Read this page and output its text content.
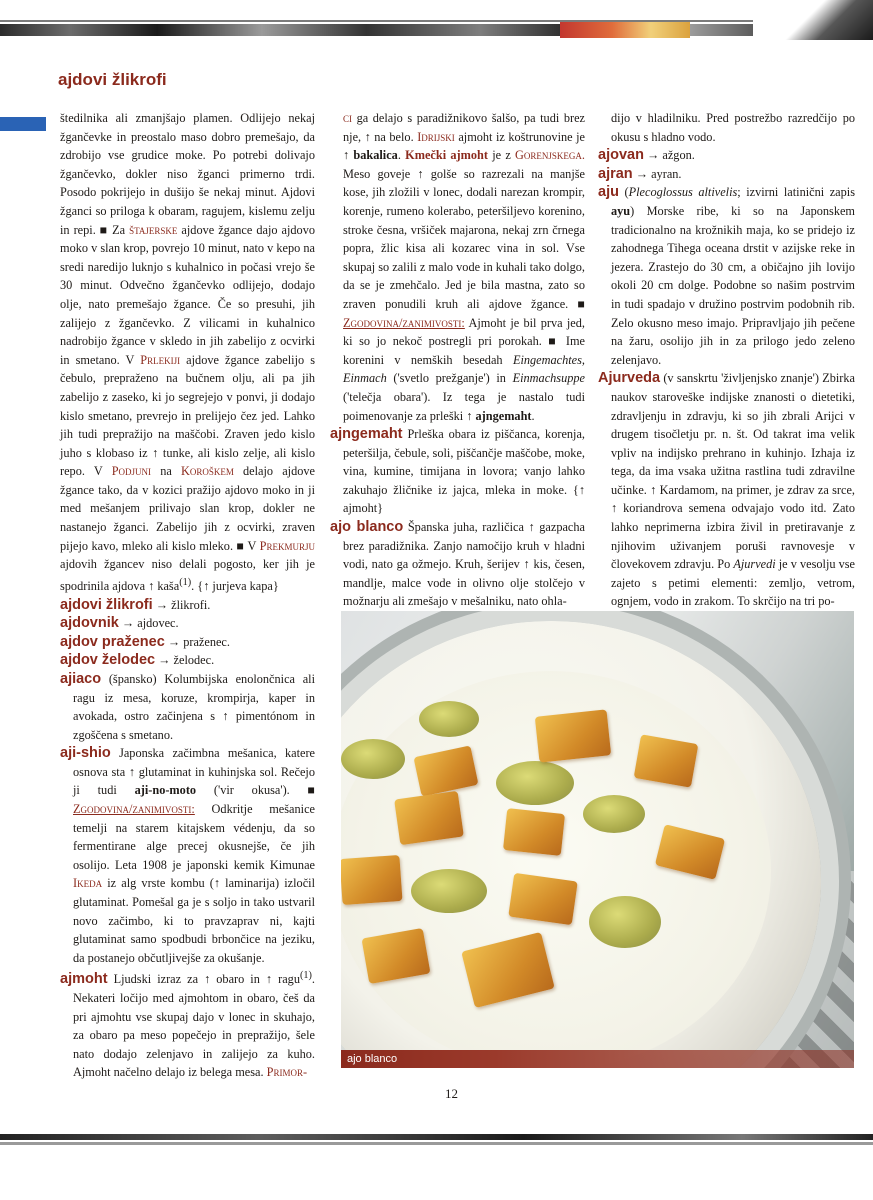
ajdovi žlikrofi

štedilnika ali zmanjšajo plamen. Odlijejo nekaj žgančevke in preostalo maso dobro premešajo, da zdrobijo vse grudice moke. Po potrebi dolivajo žgančevko, dokler niso žganci primerno trdi. Posodo pokrijejo in dušijo še nekaj minut. Ajdovi žganci so priloga k obaram, ragujem, kislemu zelju in repi. ■ Za štajerske ajdove žgance dajo ajdovo moko v slan krop, povrejo 10 minut, nato v kepo na sredi naredijo luknjo s kuhalnico in počasi vrejo še 30 minut. Odvečno žgančevko odlijejo, dodajo olje, nato premešajo žgance. Če so presuhi, jih zalijejo z žgančevko. Z vilicami in kuhalnico nadrobijo žgance v skledo in jih zabelijo z ocvirki in smetano. V Prlekiji ajdove žgance zabelijo s čebulo, prepraženo na bučnem olju, ali pa jih zabelijo z zaseko, ki jo segrejejo v ponvi, ji dodajo kislo smetano, prevrejo in prelijejo čez jed. Lahko jih tudi prepražijo na maščobi. Zraven jedo kislo juho s klobaso iz ↑ tunke, ali kislo zelje, ali kislo repo. V Podjuni na Koroškem delajo ajdove žgance tako, da v kozici pražijo ajdovo moko in ji med mešanjem prilivajo slan krop, dokler ne nastanejo žganci. Zabelijo jih z ocvirki, zraven pijejo kavo, mleko ali kislo mleko. ■ V Prekmurju ajdovih žgancev niso delali pogosto, ker jih je spodrinila ajdova ↑ kaša$^{(1)}$. {↑ jurjeva kapa}

ajdovi žlikrofi → žlikrofi.

ajdovnik → ajdovec.

ajdov praženec → praženec.

ajdov želodec → želodec.

ajiaco (špansko) Kolumbijska enolončnica ali ragu iz mesa, koruze, krompirja, kaper in avokada, ostro začinjena s ↑ pimentónom in zgoščena s smetano.

aji-shio Japonska začimbna mešanica, katere osnova sta ↑ glutaminat in kuhinjska sol. Rečejo ji tudi aji-no-moto ('vir okusa'). ■ Zgodovina/zanimivosti: Odkritje mešanice temelji na starem kitajskem védenju, da so fermentirane alge precej okusnejše, če jih osolijo. Leta 1908 je japonski kemik Kimunae Ikeda iz alg vrste kombu (↑ laminarija) izločil glutaminat. Pomešal ga je s soljo in tako ustvaril novo začimbo, ki to pravzaprav ni, kajti glutaminat samo spodbudi brbončice na jeziku, da postanejo občutljivejše za okušanje.

ajmoht Ljudski izraz za ↑ obaro in ↑ ragu$^{(1)}$. Nekateri ločijo med ajmohtom in obaro, češ da pri ajmohtu vse skupaj dajo v lonec in skuhajo, za obaro pa meso popečejo in prepražijo, šele nato dodajo zelenjavo in zalijejo za kuho. Ajmoht načelno delajo iz belega mesa. Primor-

ci ga delajo s paradižnikovo šalšo, pa tudi brez nje, ↑ na belo. Idrijski ajmoht iz koštrunovine je ↑ bakalica. Kmečki ajmoht je z Gorenjskega. Meso goveje ↑ golše so razrezali na manjše kose, jih zložili v lonec, dodali narezan krompir, korenje, rumeno kolerabo, peteršiljevo korenino, stroke česna, vršiček majarona, nekaj zrn črnega popra, žlic kisa ali kozarec vina in sol. Vse skupaj so zalili z malo vode in kuhali tako dolgo, da se je zmehčalo. Jed je bila mastna, zato so zraven ponudili kruh ali ajdove žgance. ■ Zgodovina/zanimivosti: Ajmoht je bil prva jed, ki so jo nekoč postregli pri porokah. ■ Ime korenini v nemških besedah Eingemachtes, Einmach ('svetlo prežganje') in Einmachsuppe ('telečja obara'). Iz tega je nastalo tudi poimenovanje za prleški ↑ ajngemaht.

ajngemaht Prleška obara iz piščanca, korenja, peteršilja, čebule, soli, piščančje maščobe, moke, vina, kumine, timijana in lovora; vanjo lahko zakuhajo žličnike iz jajca, mleka in moke. {↑ ajmoht}

ajo blanco Španska juha, različica ↑ gazpacha brez paradižnika. Zanjo namočijo kruh v hladni vodi, nato ga ožmejo. Kruh, šerijev ↑ kis, česen, mandlje, malce vode in olivno olje stolčejo v možnarju ali zmešajo v mešalniku, nato ohla-

dijo v hladilniku. Pred postrežbo razredčijo po okusu s hladno vodo.

ajovan → ažgon.

ajran → ayran.

aju (Plecoglossus altivelis; izvirni latinični zapis ayu) Morske ribe, ki so na Japonskem tradicionalno na krožnikih maja, ko se pridejo iz zahodnega Tihega oceana drstit v azijske reke in jezera. Zrastejo do 30 cm, a običajno jih lovijo okoli 20 cm dolge. Podobne so našim postrvim in tudi spadajo v družino postrvim podobnih rib. Zelo okusno meso imajo. Pripravljajo jih pečene na žaru, osolijo jih in za prilogo jedo zeleno zelenjavo.

Ajurveda (v sanskrtu 'življenjsko znanje') Zbirka naukov staroveške indijske znanosti o dietetiki, zdravljenju in zdravju, ki so jih zbrali Arijci v drugem tisočletju pr. n. št. Od takrat ima velik vpliv na indijsko prehrano in kuhinjo. Izhaja iz tega, da ima vsaka užitna rastlina tudi zdravilne učinke. ↑ Kardamom, na primer, je zdrav za srce, ↑ koriandrova semena odvajajo vodo itd. Zato lahko neprimerna izbira živil in pretiravanje z njihovim uživanjem poruši ravnovesje v človekovem zdravju. Po Ajurvedi je v vesolju vse zajeto s petimi elementi: zemljo, vetrom, ognjem, vodo in zrakom. To skrčijo na tri po-

ajo blanco
12
